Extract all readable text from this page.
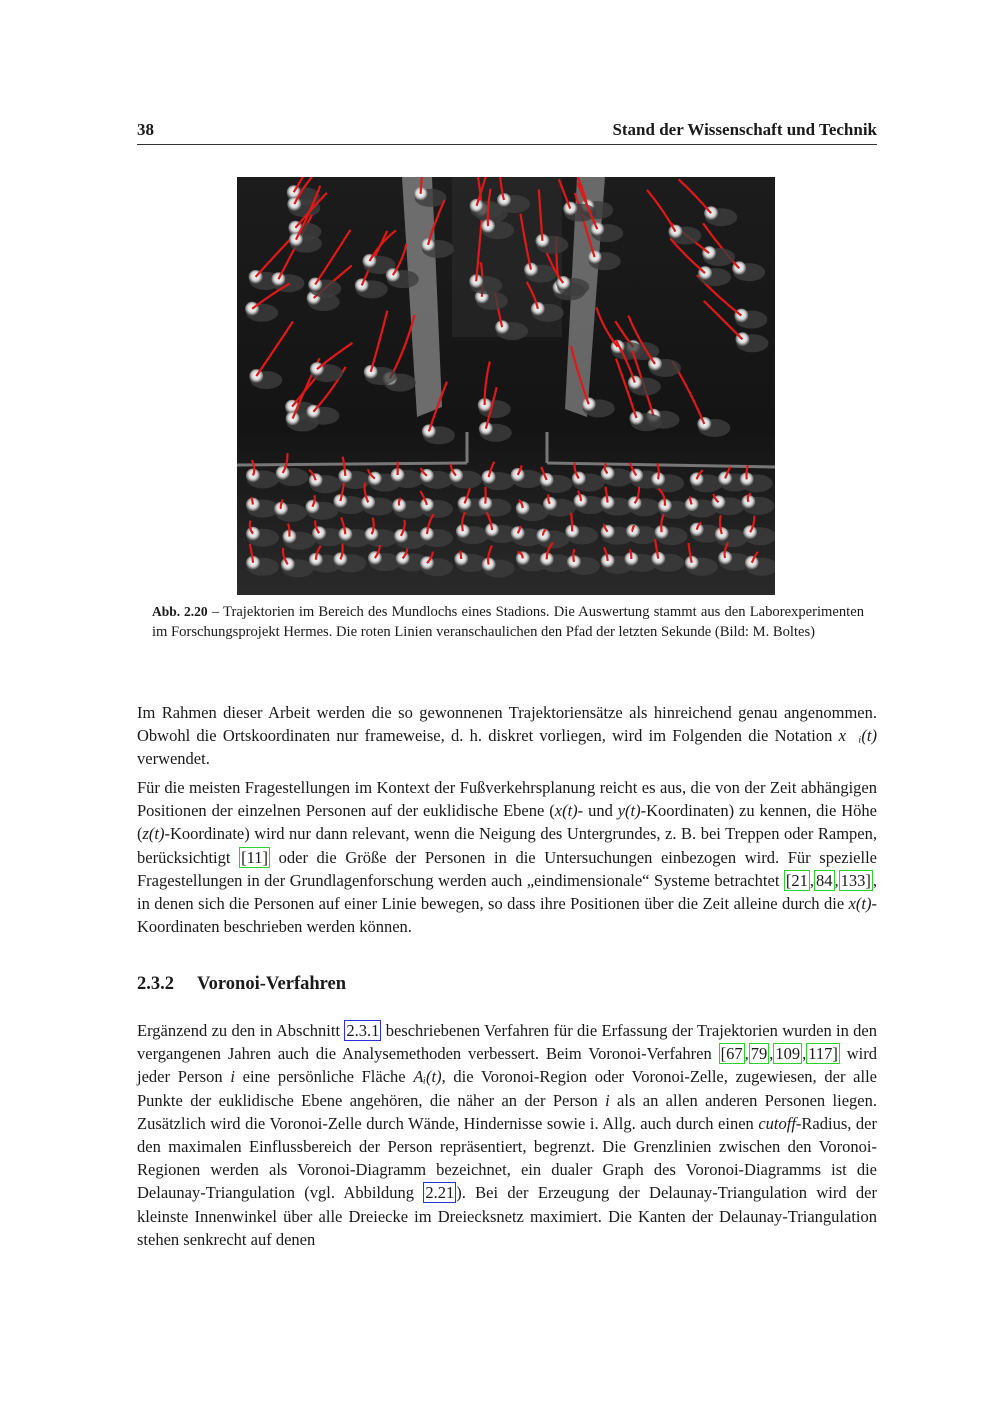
38	Stand der Wissenschaft und Technik
Abb. 2.20 – Trajektorien im Bereich des Mundlochs eines Stadions. Die Auswertung stammt aus den Laborexperimenten im Forschungsprojekt Hermes. Die roten Linien veranschaulichen den Pfad der letzten Sekunde (Bild: M. Boltes)

Im Rahmen dieser Arbeit werden die so gewonnenen Trajektoriensätze als hinreichend genau angenommen. Obwohl die Ortskoordinaten nur frameweise, d. h. diskret vorliegen, wird im Folgenden die Notation x⃗ᵢ(t) verwendet.

Für die meisten Fragestellungen im Kontext der Fußverkehrsplanung reicht es aus, die von der Zeit abhängigen Positionen der einzelnen Personen auf der euklidische Ebene (x(t)- und y(t)-Koordinaten) zu kennen, die Höhe (z(t)-Koordinate) wird nur dann relevant, wenn die Neigung des Untergrundes, z. B. bei Treppen oder Rampen, berücksichtigt [11] oder die Größe der Personen in die Untersuchungen einbezogen wird. Für spezielle Fragestellungen in der Grundlagenforschung werden auch „eindimensionale“ Systeme betrachtet [21 , 84 , 133] , in denen sich die Personen auf einer Linie bewegen, so dass ihre Positionen über die Zeit alleine durch die x(t)-Koordinaten beschrieben werden können.

2.3.2 Voronoi-Verfahren

Ergänzend zu den in Abschnitt 2.3.1 beschriebenen Verfahren für die Erfassung der Trajektorien wurden in den vergangenen Jahren auch die Analysemethoden verbessert. Beim Voronoi-Verfahren [67 , 79 , 109 , 117] wird jeder Person i eine persönliche Fläche Aᵢ(t), die Voronoi-Region oder Voronoi-Zelle, zugewiesen, der alle Punkte der euklidische Ebene angehören, die näher an der Person i als an allen anderen Personen liegen. Zusätzlich wird die Voronoi-Zelle durch Wände, Hindernisse sowie i. Allg. auch durch einen cutoff-Radius, der den maximalen Einflussbereich der Person repräsentiert, begrenzt. Die Grenzlinien zwischen den Voronoi-Regionen werden als Voronoi-Diagramm bezeichnet, ein dualer Graph des Voronoi-Diagramms ist die Delaunay-Triangulation (vgl. Abbildung 2.21 ). Bei der Erzeugung der Delaunay-Triangulation wird der kleinste Innenwinkel über alle Dreiecke im Dreiecksnetz maximiert. Die Kanten der Delaunay-Triangulation stehen senkrecht auf denen
